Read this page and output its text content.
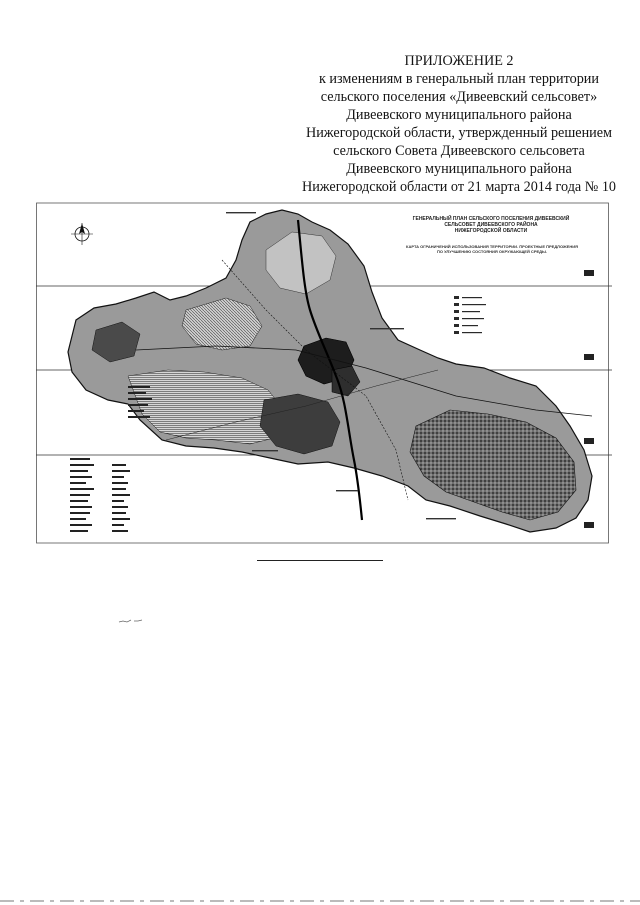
ПРИЛОЖЕНИЕ 2
к изменениям в генеральный план территории
сельского поселения «Дивеевский сельсовет»
Дивеевского муниципального района
Нижегородской области, утвержденный решением
сельского Совета Дивеевского сельсовета
Дивеевского муниципального района
Нижегородской области от 21 марта 2014 года № 10
ГЕНЕРАЛЬНЫЙ ПЛАН СЕЛЬСКОГО ПОСЕЛЕНИЯ ДИВЕЕВСКИЙ
СЕЛЬСОВЕТ ДИВЕЕВСКОГО РАЙОНА
НИЖЕГОРОДСКОЙ ОБЛАСТИ
КАРТА ОГРАНИЧЕНИЙ ИСПОЛЬЗОВАНИЯ ТЕРРИТОРИИ. ПРОЕКТНЫЕ ПРЕДЛОЖЕНИЯ
ПО УЛУЧШЕНИЮ СОСТОЯНИЯ ОКРУЖАЮЩЕЙ СРЕДЫ.
